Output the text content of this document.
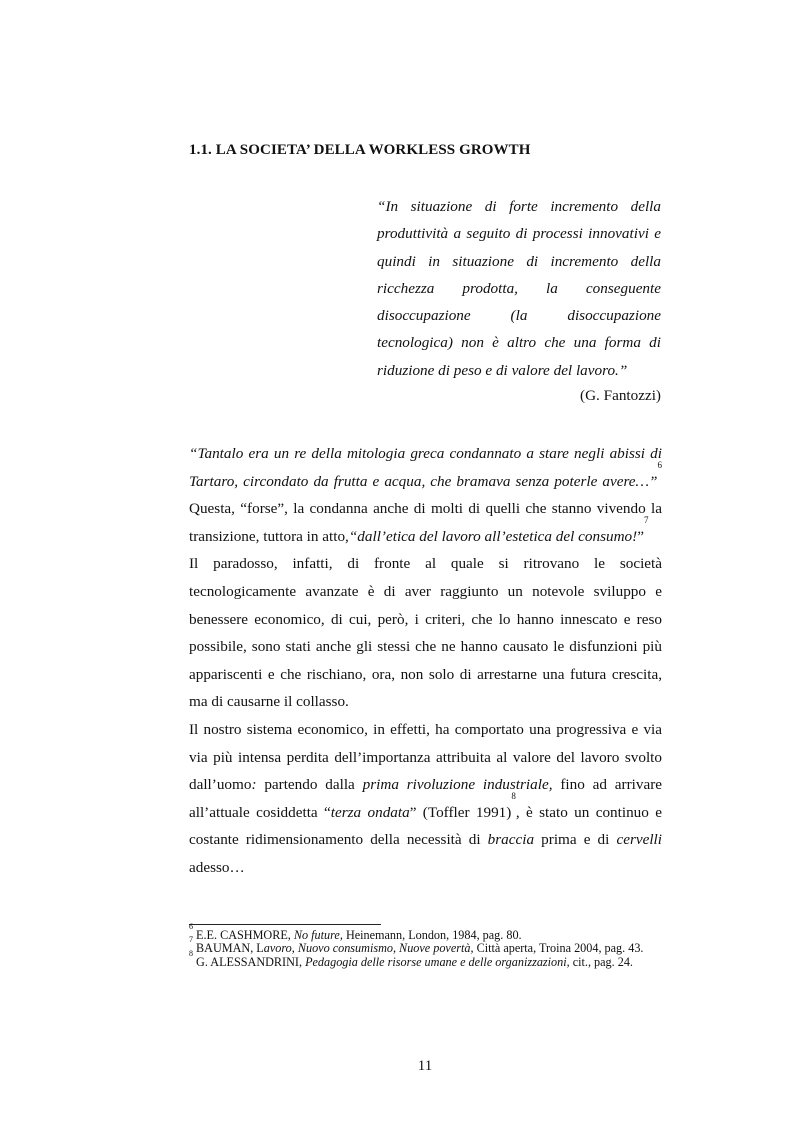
1.1. LA SOCIETA’ DELLA WORKLESS GROWTH
“In situazione di forte incremento della produttività a seguito di processi innovativi e quindi in situazione di incremento della ricchezza prodotta, la conseguente disoccupazione (la disoccupazione tecnologica) non è altro che una forma di riduzione di peso e di valore del lavoro.”
(G. Fantozzi)

“Tantalo era un re della mitologia greca condannato a stare negli abissi di Tartaro, circondato da frutta e acqua, che bramava senza poterle avere…”$^6$ Questa, “forse”, la condanna anche di molti di quelli che stanno vivendo la transizione, tuttora in atto,“dall’etica del lavoro all’estetica del consumo!”$^7$

Il paradosso, infatti, di fronte al quale si ritrovano le società tecnologicamente avanzate è di aver raggiunto un notevole sviluppo e benessere economico, di cui, però, i criteri, che lo hanno innescato e reso possibile, sono stati anche gli stessi che ne hanno causato le disfunzioni più appariscenti e che rischiano, ora, non solo di arrestarne una futura crescita, ma di causarne il collasso.

Il nostro sistema economico, in effetti, ha comportato una progressiva e via via più intensa perdita dell’importanza attribuita al valore del lavoro svolto dall’uomo: partendo dalla prima rivoluzione industriale, fino ad arrivare all’attuale cosiddetta “terza ondata” (Toffler 1991)$^8$, è stato un continuo e costante ridimensionamento della necessità di braccia prima e di cervelli adesso…

$^6$ E.E. CASHMORE, No future, Heinemann, London, 1984, pag. 80.

$^7$ BAUMAN, Lavoro, Nuovo consumismo, Nuove povertà, Città aperta, Troina 2004, pag. 43.

$^8$ G. ALESSANDRINI, Pedagogia delle risorse umane e delle organizzazioni, cit., pag. 24.

11
